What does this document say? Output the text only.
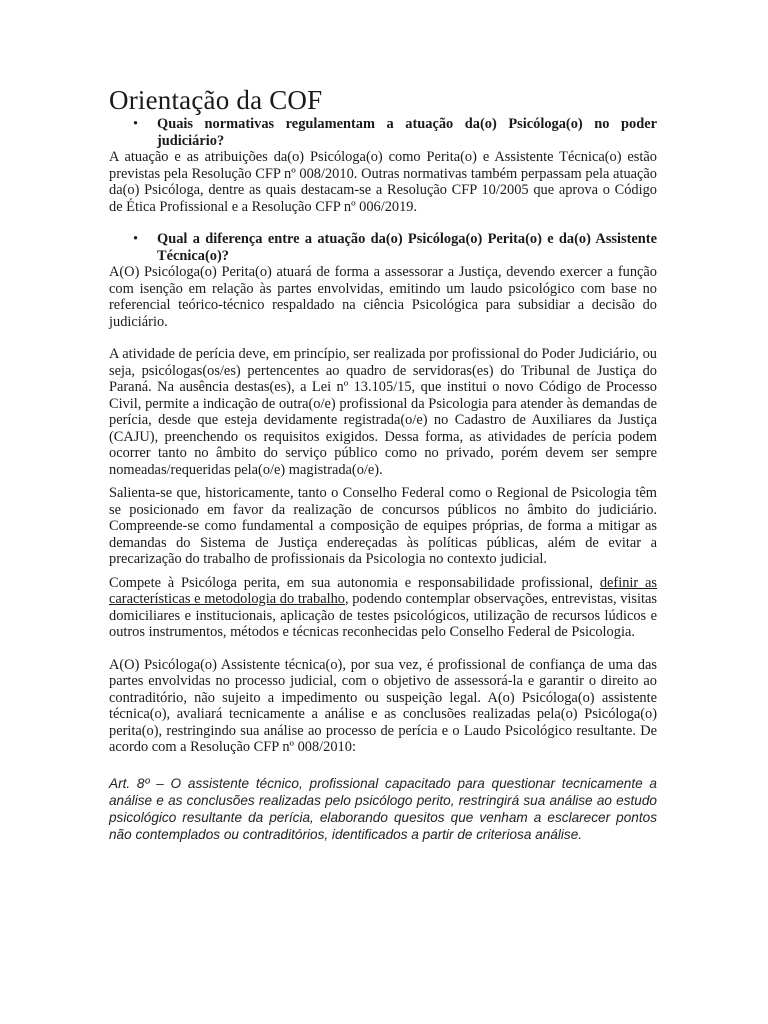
Orientação da COF
• Quais normativas regulamentam a atuação da(o) Psicóloga(o) no poder judiciário?

A atuação e as atribuições da(o) Psicóloga(o) como Perita(o) e Assistente Técnica(o) estão previstas pela Resolução CFP nº 008/2010. Outras normativas também perpassam pela atuação da(o) Psicóloga, dentre as quais destacam-se a Resolução CFP 10/2005 que aprova o Código de Ética Profissional e a Resolução CFP nº 006/2019.

• Qual a diferença entre a atuação da(o) Psicóloga(o) Perita(o) e da(o) Assistente Técnica(o)?

A(O) Psicóloga(o) Perita(o) atuará de forma a assessorar a Justiça, devendo exercer a função com isenção em relação às partes envolvidas, emitindo um laudo psicológico com base no referencial teórico-técnico respaldado na ciência Psicológica para subsidiar a decisão do judiciário.

A atividade de perícia deve, em princípio, ser realizada por profissional do Poder Judiciário, ou seja, psicólogas(os/es) pertencentes ao quadro de servidoras(es) do Tribunal de Justiça do Paraná. Na ausência destas(es), a Lei nº 13.105/15, que institui o novo Código de Processo Civil, permite a indicação de outra(o/e) profissional da Psicologia para atender às demandas de perícia, desde que esteja devidamente registrada(o/e) no Cadastro de Auxiliares da Justiça (CAJU), preenchendo os requisitos exigidos. Dessa forma, as atividades de perícia podem ocorrer tanto no âmbito do serviço público como no privado, porém devem ser sempre nomeadas/requeridas pela(o/e) magistrada(o/e).

Salienta-se que, historicamente, tanto o Conselho Federal como o Regional de Psicologia têm se posicionado em favor da realização de concursos públicos no âmbito do judiciário. Compreende-se como fundamental a composição de equipes próprias, de forma a mitigar as demandas do Sistema de Justiça endereçadas às políticas públicas, além de evitar a precarização do trabalho de profissionais da Psicologia no contexto judicial.

Compete à Psicóloga perita, em sua autonomia e responsabilidade profissional, definir as características e metodologia do trabalho, podendo contemplar observações, entrevistas, visitas domiciliares e institucionais, aplicação de testes psicológicos, utilização de recursos lúdicos e outros instrumentos, métodos e técnicas reconhecidas pelo Conselho Federal de Psicologia.

A(O) Psicóloga(o) Assistente técnica(o), por sua vez, é profissional de confiança de uma das partes envolvidas no processo judicial, com o objetivo de assessorá-la e garantir o direito ao contraditório, não sujeito a impedimento ou suspeição legal. A(o) Psicóloga(o) assistente técnica(o), avaliará tecnicamente a análise e as conclusões realizadas pela(o) Psicóloga(o) perita(o), restringindo sua análise ao processo de perícia e o Laudo Psicológico resultante. De acordo com a Resolução CFP nº 008/2010:

Art. 8º – O assistente técnico, profissional capacitado para questionar tecnicamente a análise e as conclusões realizadas pelo psicólogo perito, restringirá sua análise ao estudo psicológico resultante da perícia, elaborando quesitos que venham a esclarecer pontos não contemplados ou contraditórios, identificados a partir de criteriosa análise.
